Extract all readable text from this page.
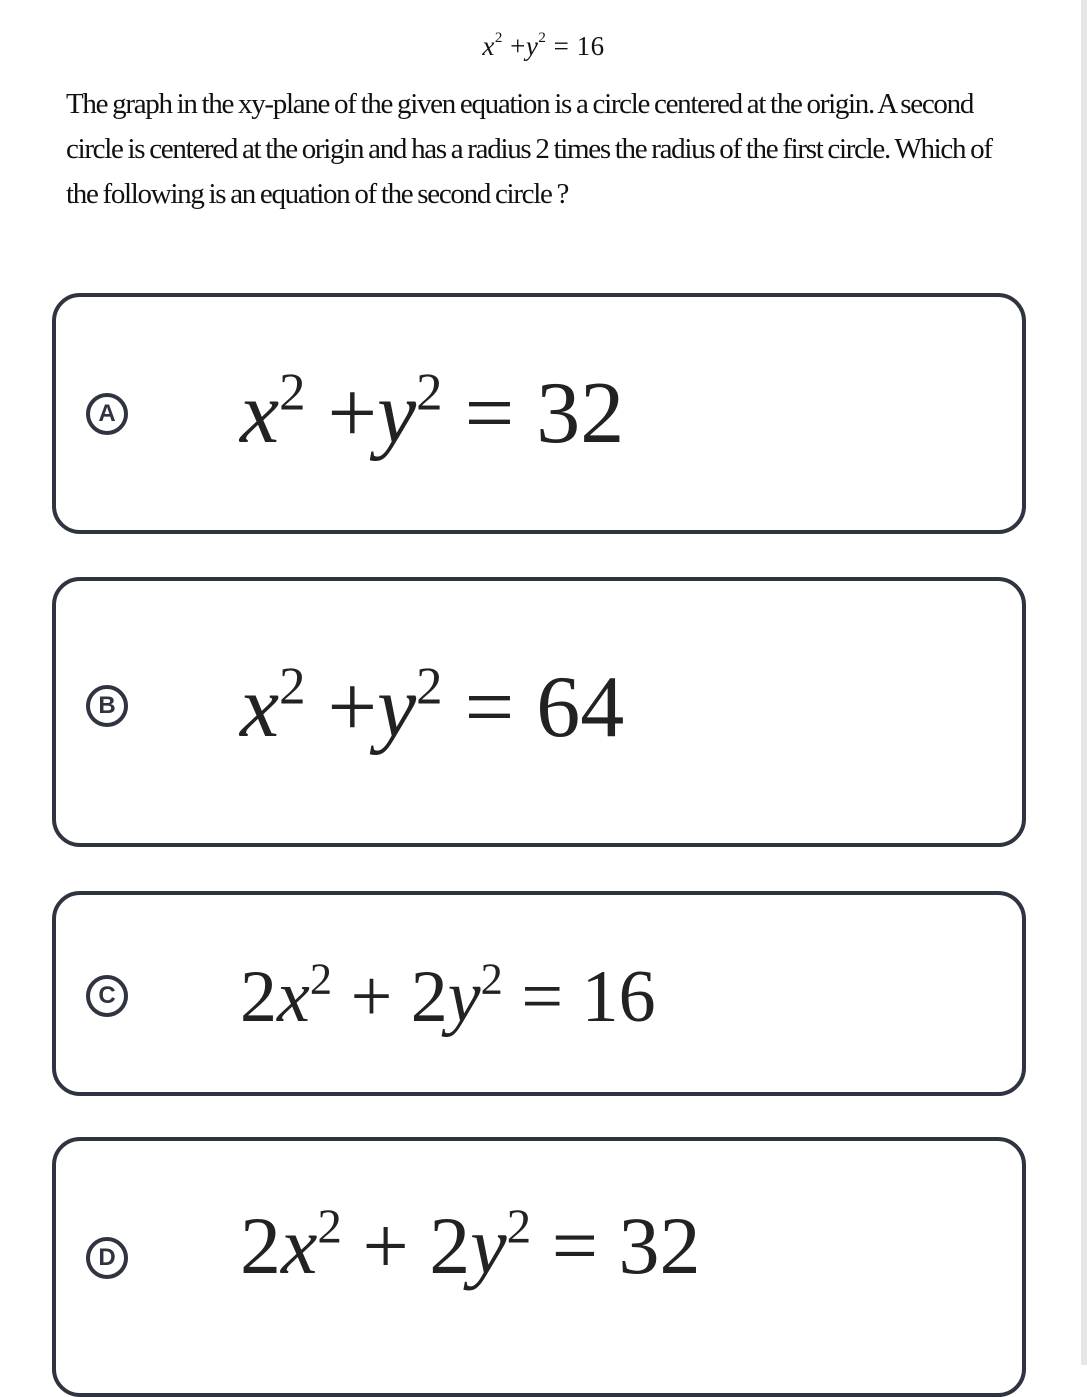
$x^2 +y^2 = 16$
The graph in the xy-plane of the given equation is a circle centered at the origin. A second circle is centered at the origin and has a radius 2 times the radius of the first circle. Which of the following is an equation of the second circle ?
A $x^2 +y^2 = 32$
B $x^2 +y^2 = 64$
C $2x^2 + 2y^2 = 16$
D $2x^2 + 2y^2 = 32$
